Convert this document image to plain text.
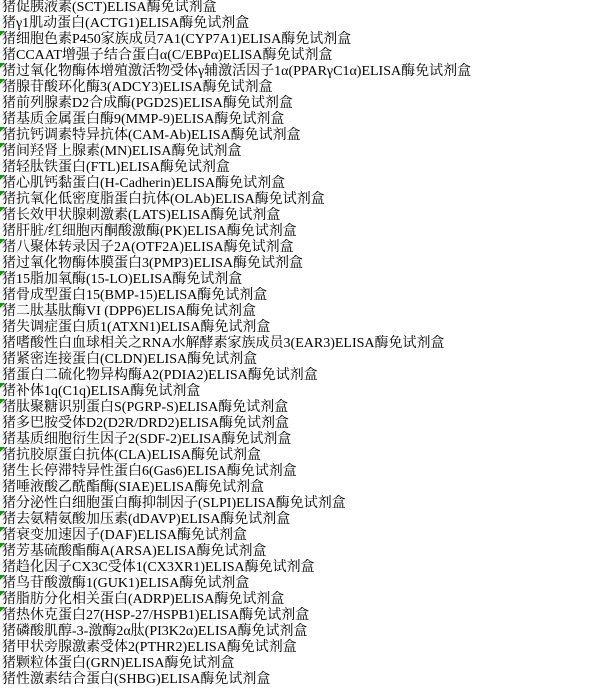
猪促胰液素(SCT)ELISA酶免试剂盒
猪γ1肌动蛋白(ACTG1)ELISA酶免试剂盒
猪细胞色素P450家族成员7A1(CYP7A1)ELISA酶免试剂盒
猪CCAAT增强子结合蛋白α(C/EBPα)ELISA酶免试剂盒
猪过氧化物酶体增殖激活物受体γ辅激活因子1α(PPARγC1α)ELISA酶免试剂盒
猪腺苷酸环化酶3(ADCY3)ELISA酶免试剂盒
猪前列腺素D2合成酶(PGD2S)ELISA酶免试剂盒
猪基质金属蛋白酶9(MMP-9)ELISA酶免试剂盒
猪抗钙调素特异抗体(CAM-Ab)ELISA酶免试剂盒
猪间羟肾上腺素(MN)ELISA酶免试剂盒
猪轻肽铁蛋白(FTL)ELISA酶免试剂盒
猪心肌钙黏蛋白(H-Cadherin)ELISA酶免试剂盒
猪抗氧化低密度脂蛋白抗体(OLAb)ELISA酶免试剂盒
猪长效甲状腺刺激素(LATS)ELISA酶免试剂盒
猪肝脏/红细胞丙酮酸激酶(PK)ELISA酶免试剂盒
猪八聚体转录因子2A(OTF2A)ELISA酶免试剂盒
猪过氧化物酶体膜蛋白3(PMP3)ELISA酶免试剂盒
猪15脂加氧酶(15-LO)ELISA酶免试剂盒
猪骨成型蛋白15(BMP-15)ELISA酶免试剂盒
猪二肽基肽酶VI (DPP6)ELISA酶免试剂盒
猪失调症蛋白质1(ATXN1)ELISA酶免试剂盒
猪嗜酸性白血球相关之RNA水解酵素家族成员3(EAR3)ELISA酶免试剂盒
猪紧密连接蛋白(CLDN)ELISA酶免试剂盒
猪蛋白二硫化物异构酶A2(PDIA2)ELISA酶免试剂盒
猪补体1q(C1q)ELISA酶免试剂盒
猪肽聚糖识别蛋白S(PGRP-S)ELISA酶免试剂盒
猪多巴胺受体D2(D2R/DRD2)ELISA酶免试剂盒
猪基质细胞衍生因子2(SDF-2)ELISA酶免试剂盒
猪抗胶原蛋白抗体(CLA)ELISA酶免试剂盒
猪生长停滞特异性蛋白6(Gas6)ELISA酶免试剂盒
猪唾液酸乙酰酯酶(SIAE)ELISA酶免试剂盒
猪分泌性白细胞蛋白酶抑制因子(SLPI)ELISA酶免试剂盒
猪去氨精氨酸加压素(dDAVP)ELISA酶免试剂盒
猪衰变加速因子(DAF)ELISA酶免试剂盒
猪芳基硫酸酯酶A(ARSA)ELISA酶免试剂盒
猪趋化因子CX3C受体1(CX3XR1)ELISA酶免试剂盒
猪鸟苷酸激酶1(GUK1)ELISA酶免试剂盒
猪脂肪分化相关蛋白(ADRP)ELISA酶免试剂盒
猪热休克蛋白27(HSP-27/HSPB1)ELISA酶免试剂盒
猪磷酸肌醇-3-激酶2α肽(PI3K2α)ELISA酶免试剂盒
猪甲状旁腺激素受体2(PTHR2)ELISA酶免试剂盒
猪颗粒体蛋白(GRN)ELISA酶免试剂盒
猪性激素结合蛋白(SHBG)ELISA酶免试剂盒
